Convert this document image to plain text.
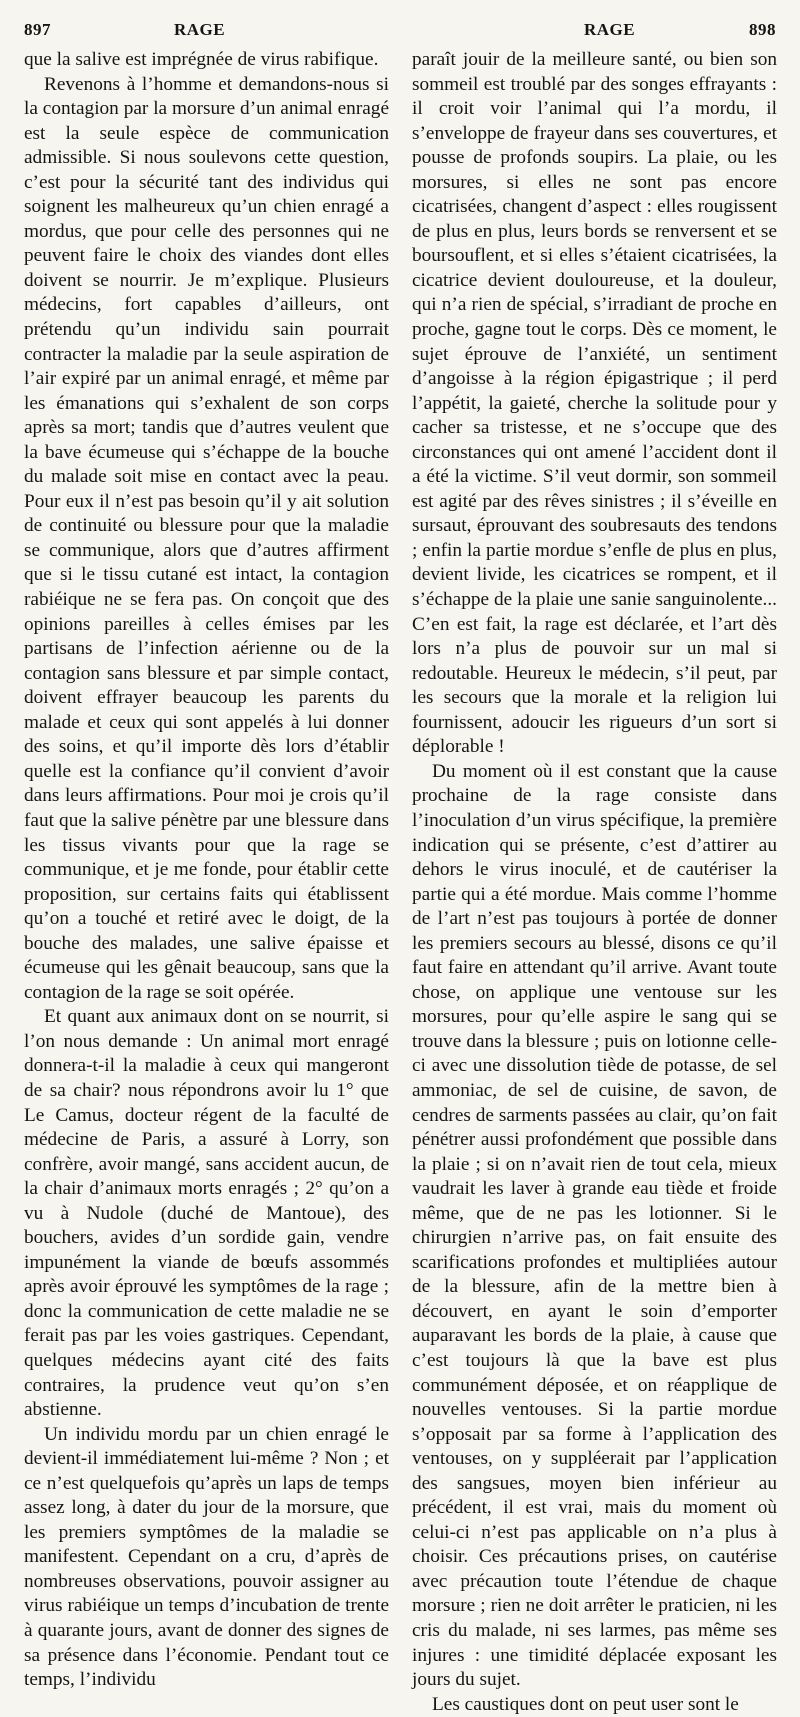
897	RAGE	RAGE	898

que la salive est imprégnée de virus rabifique.

Revenons à l’homme et demandons-nous si la contagion par la morsure d’un animal enragé est la seule espèce de communication admissible. Si nous soulevons cette question, c’est pour la sécurité tant des individus qui soignent les malheureux qu’un chien enragé a mordus, que pour celle des personnes qui ne peuvent faire le choix des viandes dont elles doivent se nourrir. Je m’explique. Plusieurs médecins, fort capables d’ailleurs, ont prétendu qu’un individu sain pourrait contracter la maladie par la seule aspiration de l’air expiré par un animal enragé, et même par les émanations qui s’exhalent de son corps après sa mort; tandis que d’autres veulent que la bave écumeuse qui s’échappe de la bouche du malade soit mise en contact avec la peau. Pour eux il n’est pas besoin qu’il y ait solution de continuité ou blessure pour que la maladie se communique, alors que d’autres affirment que si le tissu cutané est intact, la contagion rabiéique ne se fera pas. On conçoit que des opinions pareilles à celles émises par les partisans de l’infection aérienne ou de la contagion sans blessure et par simple contact, doivent effrayer beaucoup les parents du malade et ceux qui sont appelés à lui donner des soins, et qu’il importe dès lors d’établir quelle est la confiance qu’il convient d’avoir dans leurs affirmations. Pour moi je crois qu’il faut que la salive pénètre par une blessure dans les tissus vivants pour que la rage se communique, et je me fonde, pour établir cette proposition, sur certains faits qui établissent qu’on a touché et retiré avec le doigt, de la bouche des malades, une salive épaisse et écumeuse qui les gênait beaucoup, sans que la contagion de la rage se soit opérée.

Et quant aux animaux dont on se nourrit, si l’on nous demande : Un animal mort enragé donnera-t-il la maladie à ceux qui mangeront de sa chair? nous répondrons avoir lu 1° que Le Camus, docteur régent de la faculté de médecine de Paris, a assuré à Lorry, son confrère, avoir mangé, sans accident aucun, de la chair d’animaux morts enragés ; 2° qu’on a vu à Nudole (duché de Mantoue), des bouchers, avides d’un sordide gain, vendre impunément la viande de bœufs assommés après avoir éprouvé les symptômes de la rage ; donc la communication de cette maladie ne se ferait pas par les voies gastriques. Cependant, quelques médecins ayant cité des faits contraires, la prudence veut qu’on s’en abstienne.

Un individu mordu par un chien enragé le devient-il immédiatement lui-même ? Non ; et ce n’est quelquefois qu’après un laps de temps assez long, à dater du jour de la morsure, que les premiers symptômes de la maladie se manifestent. Cependant on a cru, d’après de nombreuses observations, pouvoir assigner au virus rabiéique un temps d’incubation de trente à quarante jours, avant de donner des signes de sa présence dans l’économie. Pendant tout ce temps, l’individu

paraît jouir de la meilleure santé, ou bien son sommeil est troublé par des songes effrayants : il croit voir l’animal qui l’a mordu, il s’enveloppe de frayeur dans ses couvertures, et pousse de profonds soupirs. La plaie, ou les morsures, si elles ne sont pas encore cicatrisées, changent d’aspect : elles rougissent de plus en plus, leurs bords se renversent et se boursouflent, et si elles s’étaient cicatrisées, la cicatrice devient douloureuse, et la douleur, qui n’a rien de spécial, s’irradiant de proche en proche, gagne tout le corps. Dès ce moment, le sujet éprouve de l’anxiété, un sentiment d’angoisse à la région épigastrique ; il perd l’appétit, la gaieté, cherche la solitude pour y cacher sa tristesse, et ne s’occupe que des circonstances qui ont amené l’accident dont il a été la victime. S’il veut dormir, son sommeil est agité par des rêves sinistres ; il s’éveille en sursaut, éprouvant des soubresauts des tendons ; enfin la partie mordue s’enfle de plus en plus, devient livide, les cicatrices se rompent, et il s’échappe de la plaie une sanie sanguinolente... C’en est fait, la rage est déclarée, et l’art dès lors n’a plus de pouvoir sur un mal si redoutable. Heureux le médecin, s’il peut, par les secours que la morale et la religion lui fournissent, adoucir les rigueurs d’un sort si déplorable !

Du moment où il est constant que la cause prochaine de la rage consiste dans l’inoculation d’un virus spécifique, la première indication qui se présente, c’est d’attirer au dehors le virus inoculé, et de cautériser la partie qui a été mordue. Mais comme l’homme de l’art n’est pas toujours à portée de donner les premiers secours au blessé, disons ce qu’il faut faire en attendant qu’il arrive. Avant toute chose, on applique une ventouse sur les morsures, pour qu’elle aspire le sang qui se trouve dans la blessure ; puis on lotionne celle-ci avec une dissolution tiède de potasse, de sel ammoniac, de sel de cuisine, de savon, de cendres de sarments passées au clair, qu’on fait pénétrer aussi profondément que possible dans la plaie ; si on n’avait rien de tout cela, mieux vaudrait les laver à grande eau tiède et froide même, que de ne pas les lotionner. Si le chirurgien n’arrive pas, on fait ensuite des scarifications profondes et multipliées autour de la blessure, afin de la mettre bien à découvert, en ayant le soin d’emporter auparavant les bords de la plaie, à cause que c’est toujours là que la bave est plus communément déposée, et on réapplique de nouvelles ventouses. Si la partie mordue s’opposait par sa forme à l’application des ventouses, on y suppléerait par l’application des sangsues, moyen bien inférieur au précédent, il est vrai, mais du moment où celui-ci n’est pas applicable on n’a plus à choisir. Ces précautions prises, on cautérise avec précaution toute l’étendue de chaque morsure ; rien ne doit arrêter le praticien, ni les cris du malade, ni ses larmes, pas même ses injures : une timidité déplacée exposant les jours du sujet.

Les caustiques dont on peut user sont le
